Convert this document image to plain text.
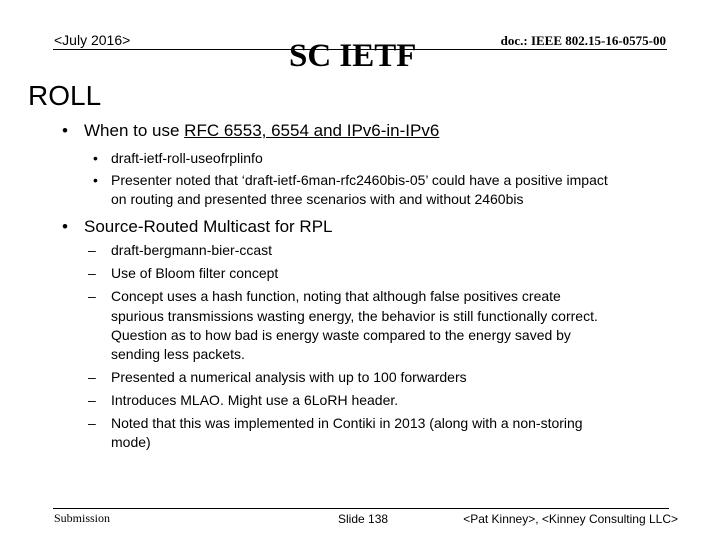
<July 2016>	SC IETF	doc.: IEEE 802.15-16-0575-00
ROLL
• When to use RFC 6553, 6554 and IPv6-in-IPv6
• draft-ietf-roll-useofrplinfo
• Presenter noted that ‘draft-ietf-6man-rfc2460bis-05’ could have a positive impact
on routing and presented three scenarios with and without 2460bis
• Source-Routed Multicast for RPL
– draft-bergmann-bier-ccast
– Use of Bloom filter concept
– Concept uses a hash function, noting that although false positives create
spurious transmissions wasting energy, the behavior is still functionally correct.
Question as to how bad is energy waste compared to the energy saved by
sending less packets.
– Presented a numerical analysis with up to 100 forwarders
– Introduces MLAO. Might use a 6LoRH header.
– Noted that this was implemented in Contiki in 2013 (along with a non-storing
mode)
Submission	Slide 138	<Pat Kinney>, <Kinney Consulting LLC>
